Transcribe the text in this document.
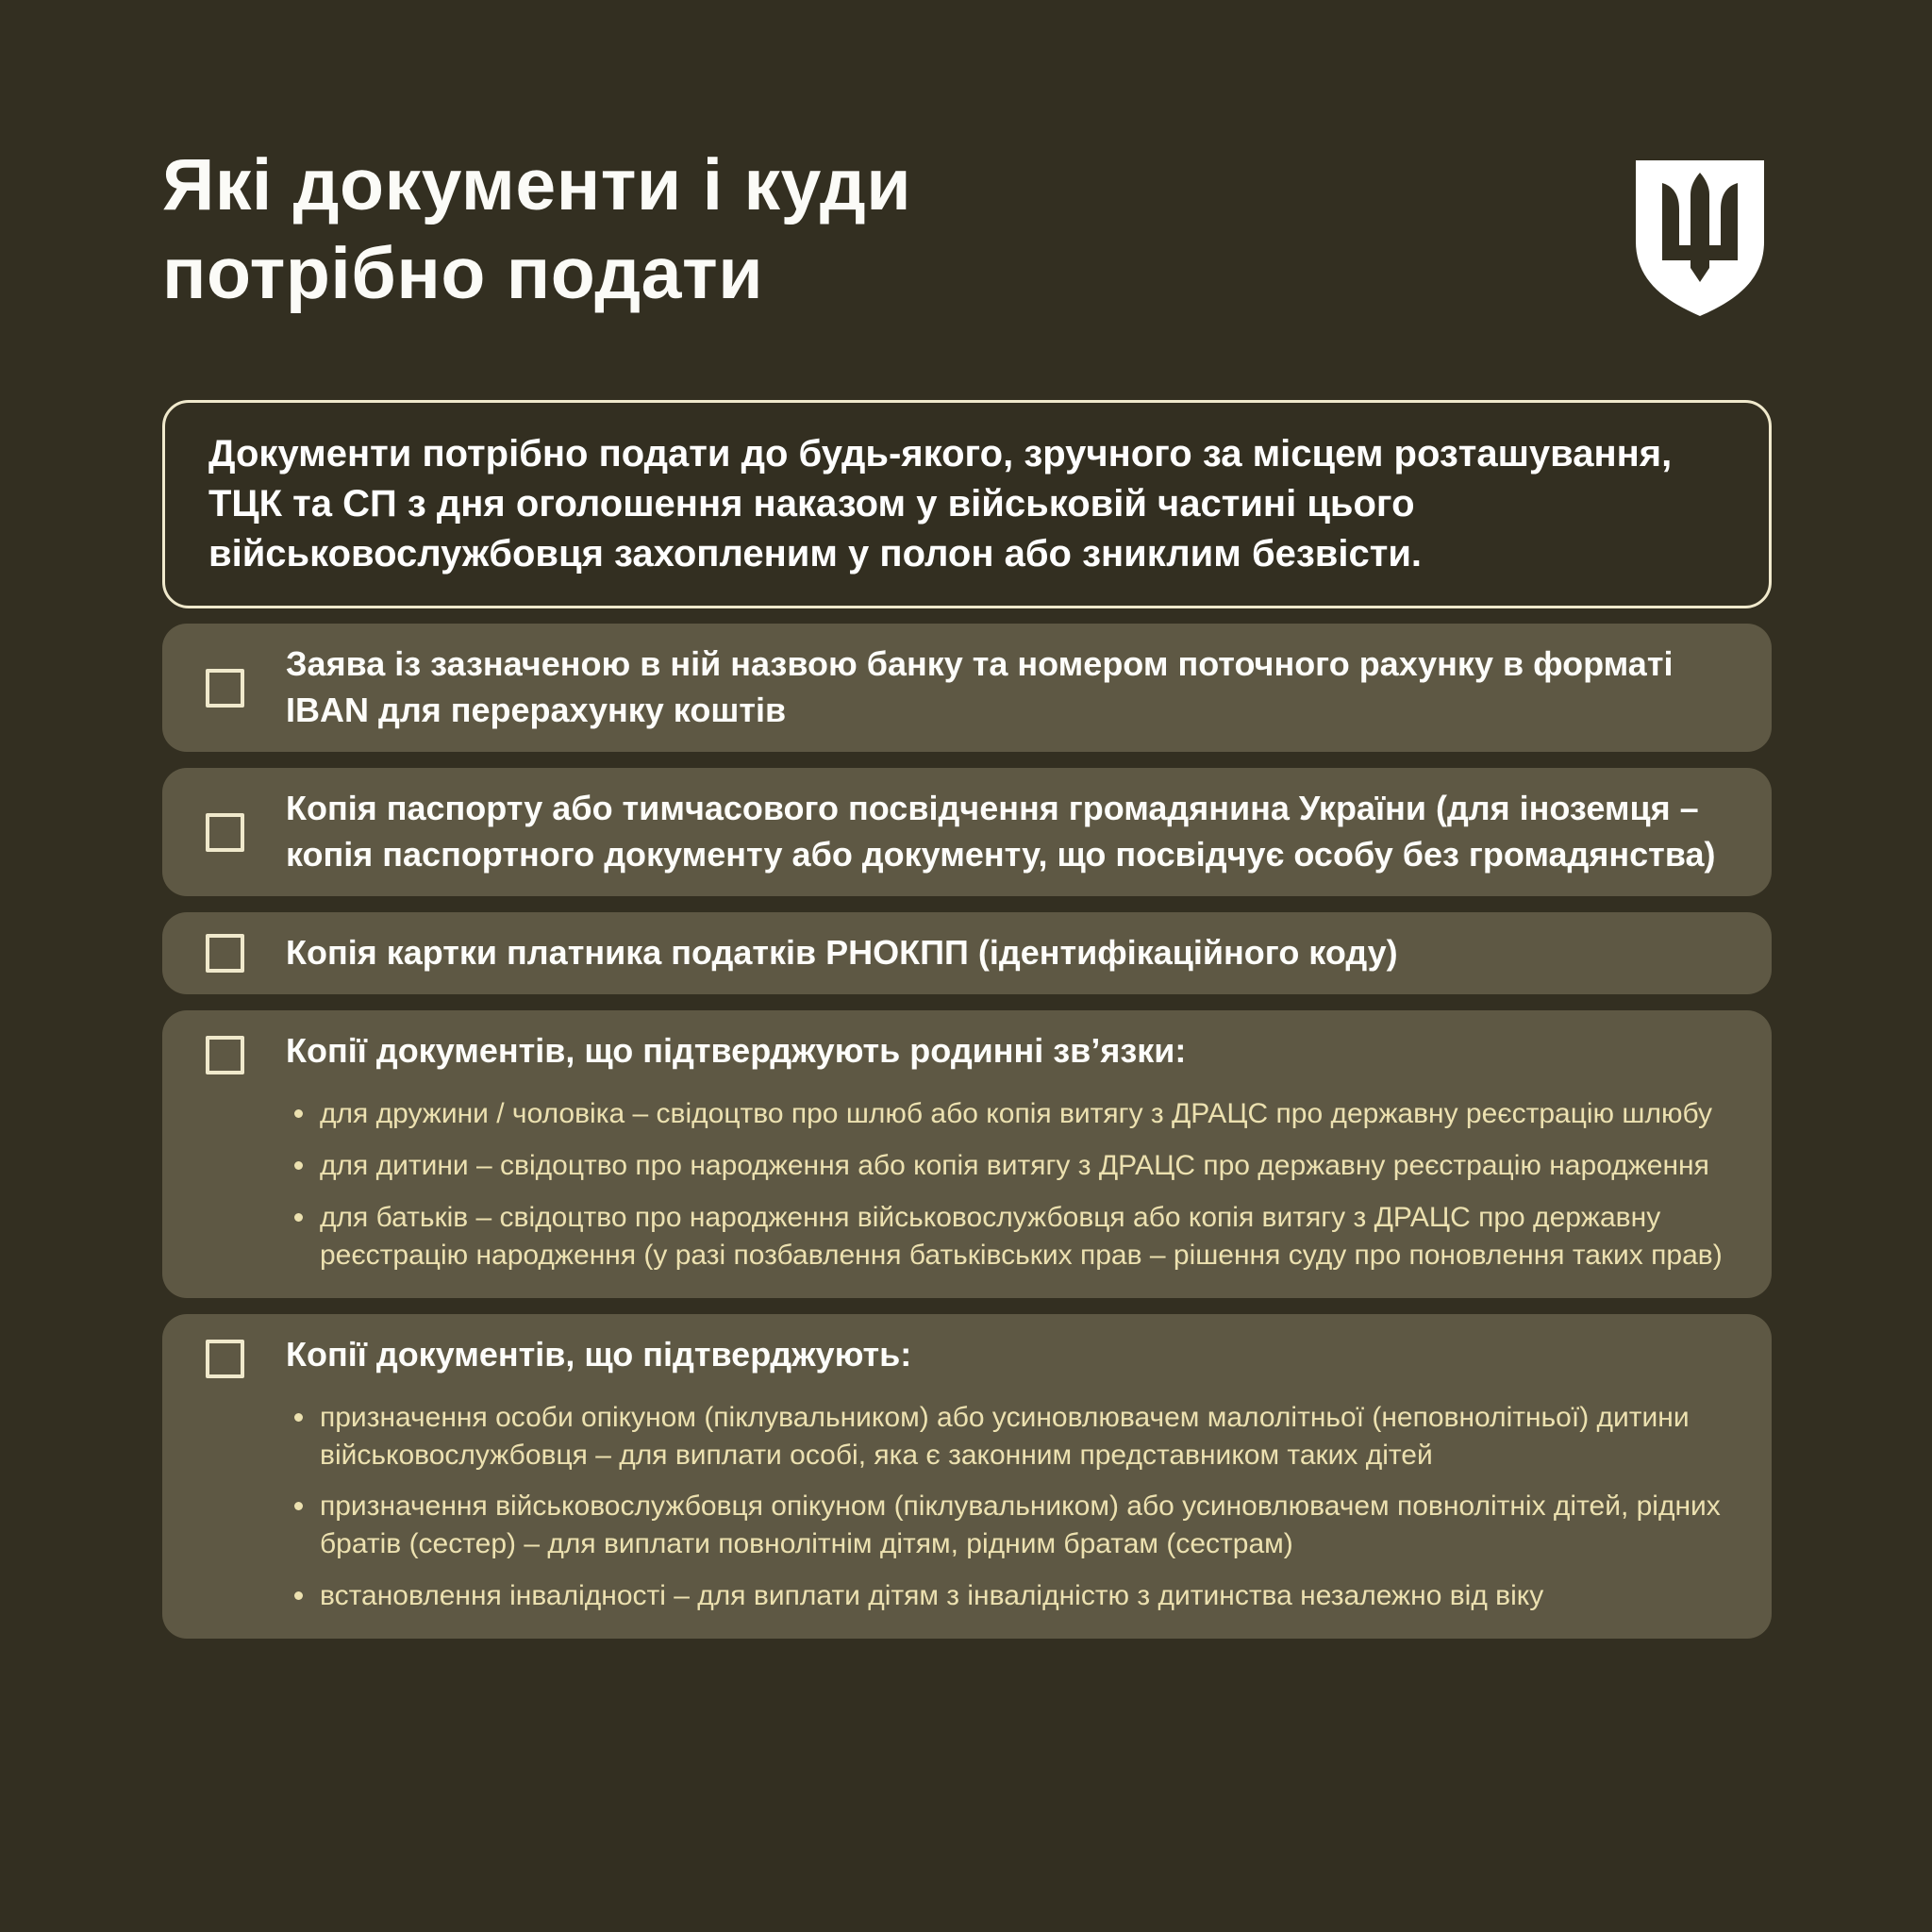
Які документи і куди
потрібно подати

Документи потрібно подати до будь-якого, зручного за місцем розташування, ТЦК та СП з дня оголошення наказом у військовій частині цього військовослужбовця захопленим у полон або зниклим безвісти.

Заява із зазначеною в ній назвою банку та номером поточного рахунку в форматі IBAN для перерахунку коштів

Копія паспорту або тимчасового посвідчення громадянина України (для іноземця – копія паспортного документу або документу, що посвідчує особу без громадянства)

Копія картки платника податків РНОКПП (ідентифікаційного коду)

Копії документів, що підтверджують родинні зв’язки:

для дружини / чоловіка – свідоцтво про шлюб або копія витягу з ДРАЦС про державну реєстрацію шлюбу
для дитини – свідоцтво про народження або копія витягу з ДРАЦС про державну реєстрацію народження
для батьків – свідоцтво про народження військовослужбовця або копія витягу з ДРАЦС про державну реєстрацію народження (у разі позбавлення батьківських прав – рішення суду про поновлення таких прав)

Копії документів, що підтверджують:

призначення особи опікуном (піклувальником) або усиновлювачем малолітньої (неповнолітньої) дитини військовослужбовця – для виплати особі, яка є законним представником таких дітей
призначення військовослужбовця опікуном (піклувальником) або усиновлювачем повнолітніх дітей, рідних братів (сестер) – для виплати повнолітнім дітям, рідним братам (сестрам)
встановлення інвалідності – для виплати дітям з інвалідністю з дитинства незалежно від віку
